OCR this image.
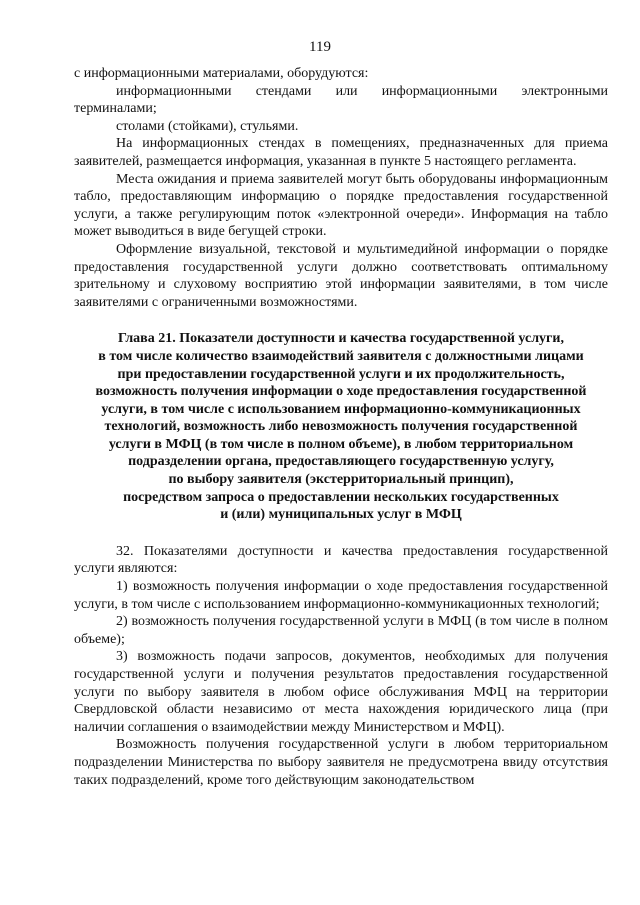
119

с информационными материалами, оборудуются:

информационными стендами или информационными электронными терминалами;

столами (стойками), стульями.

На информационных стендах в помещениях, предназначенных для приема заявителей, размещается информация, указанная в пункте 5 настоящего регламента.

Места ожидания и приема заявителей могут быть оборудованы информационным табло, предоставляющим информацию о порядке предоставления государственной услуги, а также регулирующим поток «электронной очереди». Информация на табло может выводиться в виде бегущей строки.

Оформление визуальной, текстовой и мультимедийной информации о порядке предоставления государственной услуги должно соответствовать оптимальному зрительному и слуховому восприятию этой информации заявителями, в том числе заявителями с ограниченными возможностями.

Глава 21. Показатели доступности и качества государственной услуги,
в том числе количество взаимодействий заявителя с должностными лицами
при предоставлении государственной услуги и их продолжительность,
возможность получения информации о ходе предоставления государственной
услуги, в том числе с использованием информационно-коммуникационных
технологий, возможность либо невозможность получения государственной
услуги в МФЦ (в том числе в полном объеме), в любом территориальном
подразделении органа, предоставляющего государственную услугу,
по выбору заявителя (экстерриториальный принцип),
посредством запроса о предоставлении нескольких государственных
и (или) муниципальных услуг в МФЦ

32. Показателями доступности и качества предоставления государственной услуги являются:

1) возможность получения информации о ходе предоставления государственной услуги, в том числе с использованием информационно-коммуникационных технологий;

2) возможность получения государственной услуги в МФЦ (в том числе в полном объеме);

3) возможность подачи запросов, документов, необходимых для получения государственной услуги и получения результатов предоставления государственной услуги по выбору заявителя в любом офисе обслуживания МФЦ на территории Свердловской области независимо от места нахождения юридического лица (при наличии соглашения о взаимодействии между Министерством и МФЦ).

Возможность получения государственной услуги в любом территориальном подразделении Министерства по выбору заявителя не предусмотрена ввиду отсутствия таких подразделений, кроме того действующим законодательством
